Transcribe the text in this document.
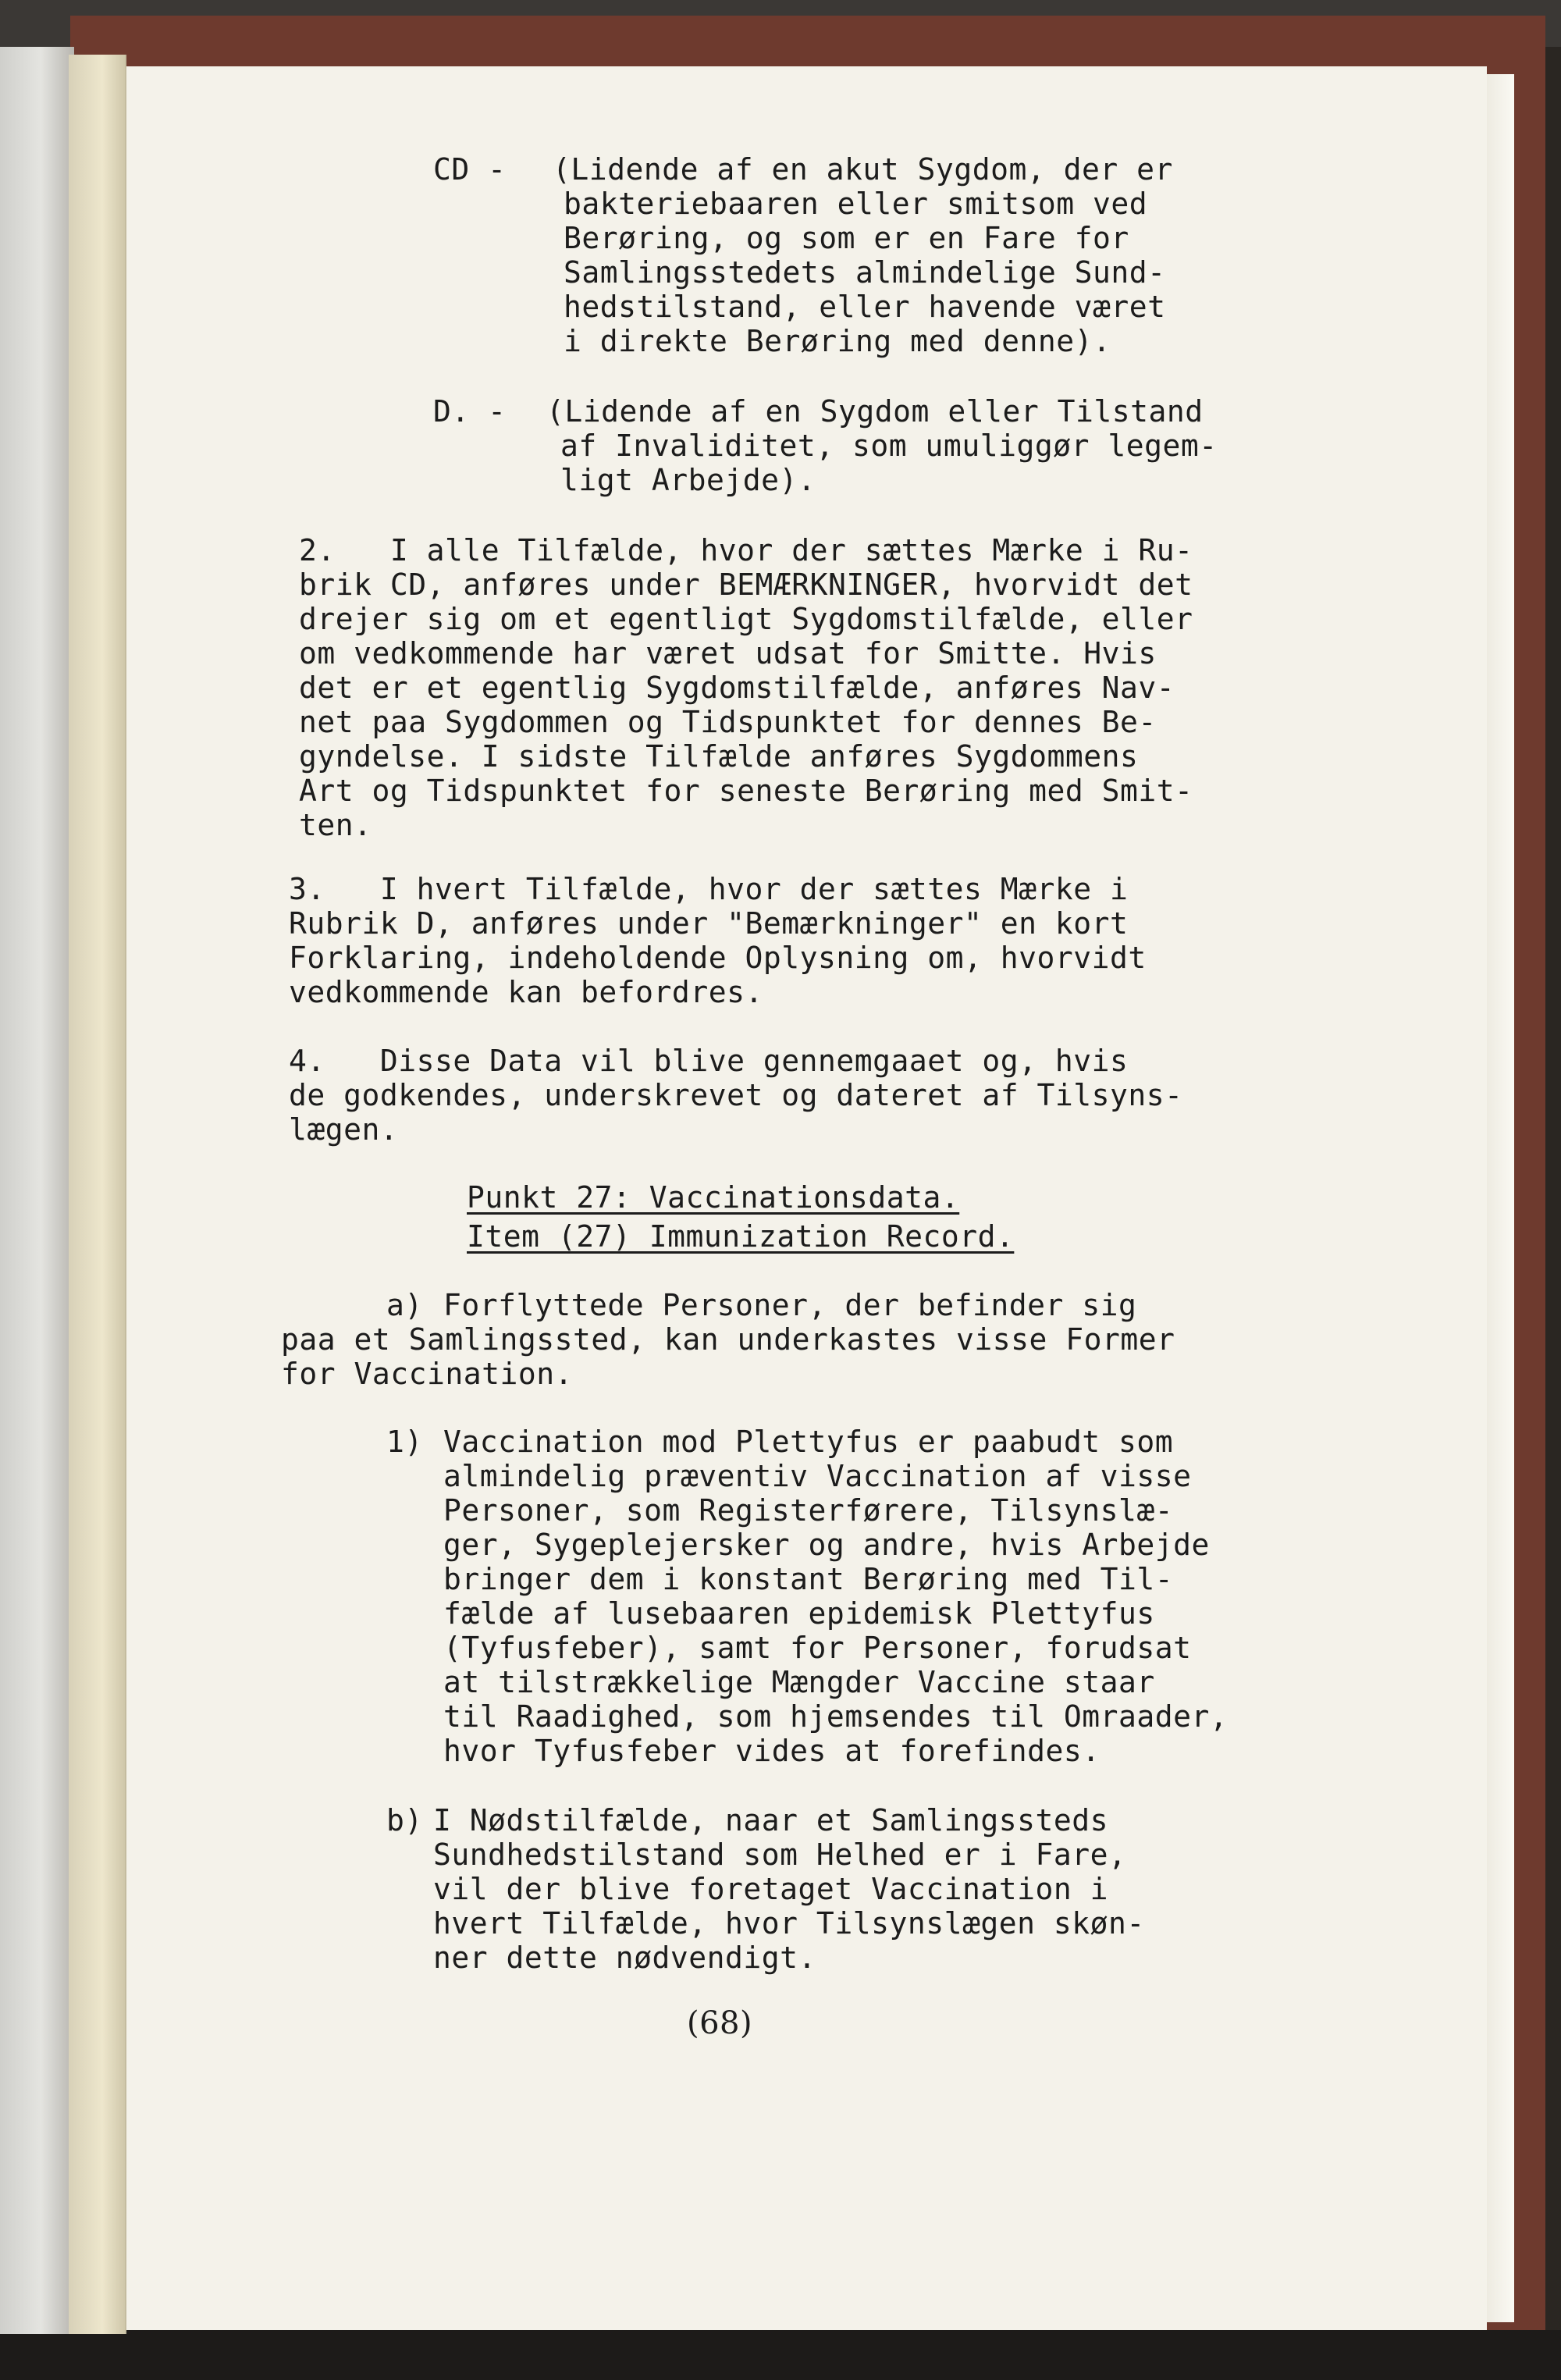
CD - (Lidende af en akut Sygdom, der er

bakteriebaaren eller smitsom ved

Berøring, og som er en Fare for

Samlingsstedets almindelige Sund-

hedstilstand, eller havende været

i direkte Berøring med denne).

D. - (Lidende af en Sygdom eller Tilstand

af Invaliditet, som umuliggør legem-

ligt Arbejde).

2.   I alle Tilfælde, hvor der sættes Mærke i Ru-

brik CD, anføres under BEMÆRKNINGER, hvorvidt det

drejer sig om et egentligt Sygdomstilfælde, eller

om vedkommende har været udsat for Smitte. Hvis

det er et egentlig Sygdomstilfælde, anføres Nav-

net paa Sygdommen og Tidspunktet for dennes Be-

gyndelse. I sidste Tilfælde anføres Sygdommens

Art og Tidspunktet for seneste Berøring med Smit-

ten.

3.   I hvert Tilfælde, hvor der sættes Mærke i

Rubrik D, anføres under "Bemærkninger" en kort

Forklaring, indeholdende Oplysning om, hvorvidt

vedkommende kan befordres.

4.   Disse Data vil blive gennemgaaet og, hvis

de godkendes, underskrevet og dateret af Tilsyns-

lægen.

Punkt 27: Vaccinationsdata.

Item (27) Immunization Record.

a) Forflyttede Personer, der befinder sig

paa et Samlingssted, kan underkastes visse Former

for Vaccination.

1) Vaccination mod Plettyfus er paabudt som

almindelig præventiv Vaccination af visse

Personer, som Registerførere, Tilsynslæ-

ger, Sygeplejersker og andre, hvis Arbejde

bringer dem i konstant Berøring med Til-

fælde af lusebaaren epidemisk Plettyfus

(Tyfusfeber), samt for Personer, forudsat

at tilstrækkelige Mængder Vaccine staar

til Raadighed, som hjemsendes til Omraader,

hvor Tyfusfeber vides at forefindes.

b) I Nødstilfælde, naar et Samlingssteds

Sundhedstilstand som Helhed er i Fare,

vil der blive foretaget Vaccination i

hvert Tilfælde, hvor Tilsynslægen skøn-

ner dette nødvendigt.

(68)
